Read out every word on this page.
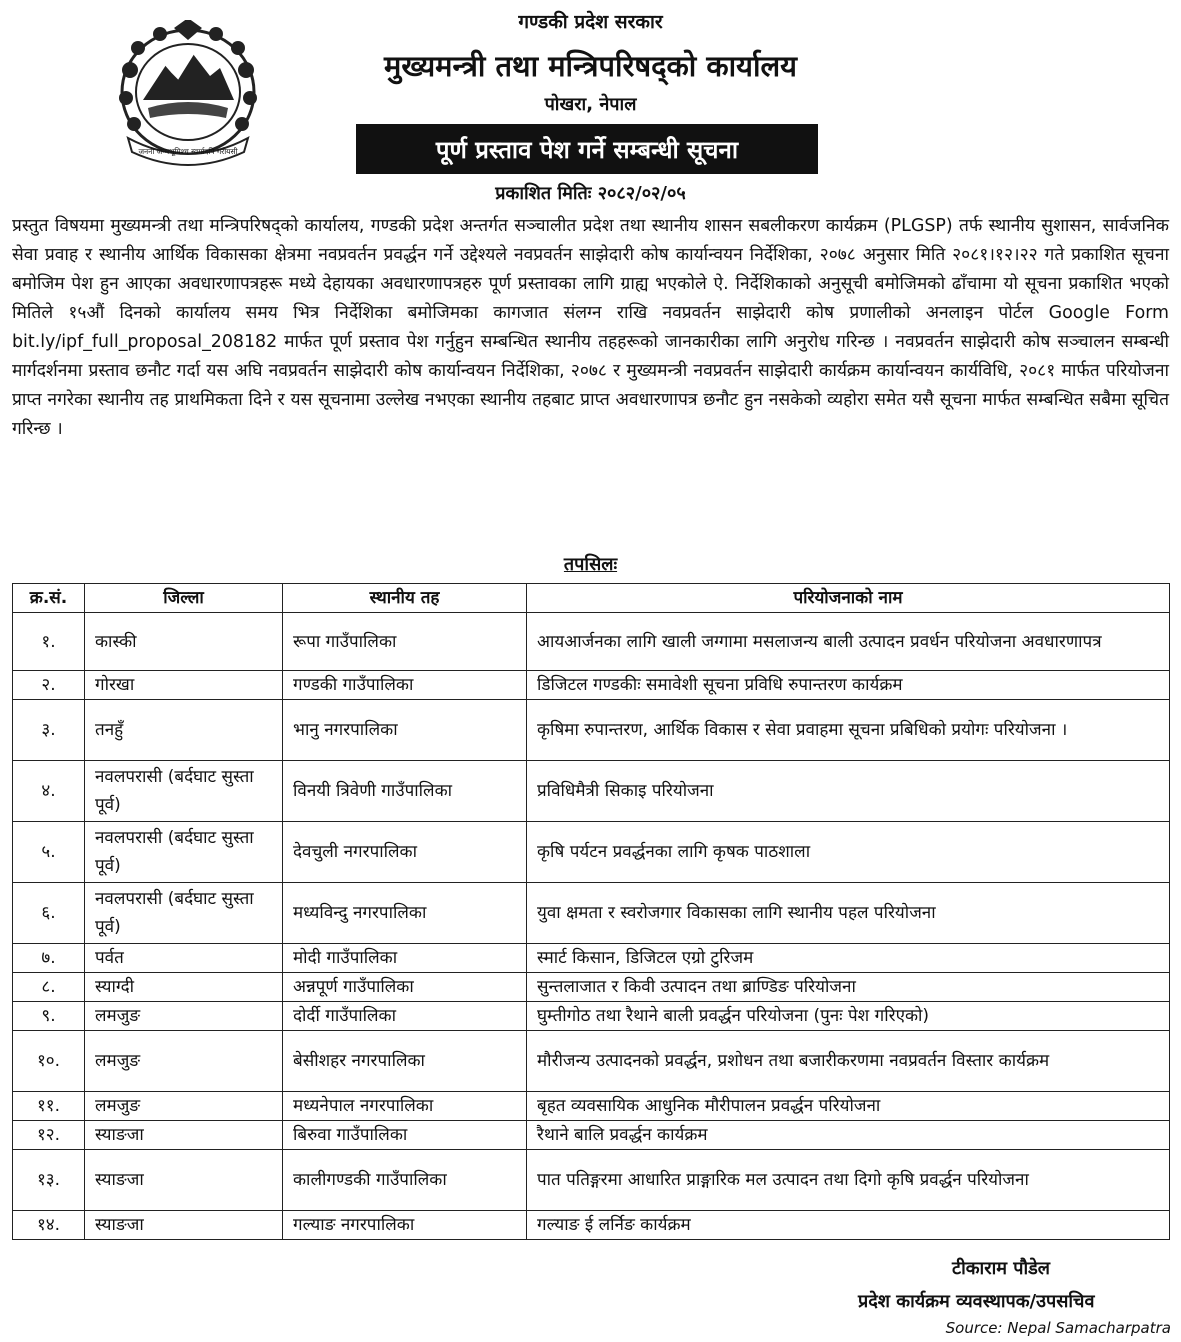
जननी जन्मभूमिश्च स्वर्गादपि गरीयसी
गण्डकी प्रदेश सरकार
मुख्यमन्त्री तथा मन्त्रिपरिषद्‌को कार्यालय
पोखरा, नेपाल
पूर्ण प्रस्ताव पेश गर्ने सम्बन्धी सूचना
प्रकाशित मितिः २०८२/०२/०५

प्रस्तुत विषयमा मुख्यमन्त्री तथा मन्त्रिपरिषद्‌को कार्यालय, गण्डकी प्रदेश अन्तर्गत सञ्चालीत प्रदेश तथा स्थानीय शासन सबलीकरण कार्यक्रम (PLGSP) तर्फ स्थानीय सुशासन, सार्वजनिक सेवा प्रवाह र स्थानीय आर्थिक विकासका क्षेत्रमा नवप्रवर्तन प्रवर्द्धन गर्ने उद्देश्यले नवप्रवर्तन साझेदारी कोष कार्यान्वयन निर्देशिका, २०७८ अनुसार मिति २०८१।१२।२२ गते प्रकाशित सूचना बमोजिम पेश हुन आएका अवधारणापत्रहरू मध्ये देहायका अवधारणापत्रहरु पूर्ण प्रस्तावका लागि ग्राह्य भएकोले ऐ. निर्देशिकाको अनुसूची बमोजिमको ढाँचामा यो सूचना प्रकाशित भएको मितिले १५औं दिनको कार्यालय समय भित्र निर्देशिका बमोजिमका कागजात संलग्न राखि नवप्रवर्तन साझेदारी कोष प्रणालीको अनलाइन पोर्टल Google Form bit.ly/ipf_full_proposal_208182 मार्फत पूर्ण प्रस्ताव पेश गर्नुहुन सम्बन्धित स्थानीय तहहरूको जानकारीका लागि अनुरोध गरिन्छ । नवप्रवर्तन साझेदारी कोष सञ्चालन सम्बन्धी मार्गदर्शनमा प्रस्ताव छनौट गर्दा यस अघि नवप्रवर्तन साझेदारी कोष कार्यान्वयन निर्देशिका, २०७८ र मुख्यमन्त्री नवप्रवर्तन साझेदारी कार्यक्रम कार्यान्वयन कार्यविधि, २०८१ मार्फत परियोजना प्राप्त नगरेका स्थानीय तह प्राथमिकता दिने र यस सूचनामा उल्लेख नभएका स्थानीय तहबाट प्राप्त अवधारणापत्र छनौट हुन नसकेको व्यहोरा समेत यसै सूचना मार्फत सम्बन्धित सबैमा सूचित गरिन्छ ।

तपसिलः
क्र.सं.	जिल्ला	स्थानीय तह	परियोजनाको नाम
१.	कास्की	रूपा गाउँपालिका	आयआर्जनका लागि खाली जग्गामा मसलाजन्य बाली उत्पादन प्रवर्धन परियोजना अवधारणापत्र
२.	गोरखा	गण्डकी गाउँपालिका	डिजिटल गण्डकीः समावेशी सूचना प्रविधि रुपान्तरण कार्यक्रम
३.	तनहुँ	भानु नगरपालिका	कृषिमा रुपान्तरण, आर्थिक विकास र सेवा प्रवाहमा सूचना प्रबिधिको प्रयोगः परियोजना ।
४.	नवलपरासी (बर्दघाट सुस्ता पूर्व)	विनयी त्रिवेणी गाउँपालिका	प्रविधिमैत्री सिकाइ परियोजना
५.	नवलपरासी (बर्दघाट सुस्ता पूर्व)	देवचुली नगरपालिका	कृषि पर्यटन प्रवर्द्धनका लागि कृषक पाठशाला
६.	नवलपरासी (बर्दघाट सुस्ता पूर्व)	मध्यविन्दु नगरपालिका	युवा क्षमता र स्वरोजगार विकासका लागि स्थानीय पहल परियोजना
७.	पर्वत	मोदी गाउँपालिका	स्मार्ट किसान, डिजिटल एग्रो टुरिजम
८.	स्याग्दी	अन्नपूर्ण गाउँपालिका	सुन्तलाजात र किवी उत्पादन तथा ब्राण्डिङ परियोजना
९.	लमजुङ	दोर्दी गाउँपालिका	घुम्तीगोठ तथा रैथाने बाली प्रवर्द्धन परियोजना (पुनः पेश गरिएको)
१०.	लमजुङ	बेसीशहर नगरपालिका	मौरीजन्य उत्पादनको प्रवर्द्धन, प्रशोधन तथा बजारीकरणमा नवप्रवर्तन विस्तार कार्यक्रम
११.	लमजुङ	मध्यनेपाल नगरपालिका	बृहत व्यवसायिक आधुनिक मौरीपालन प्रवर्द्धन परियोजना
१२.	स्याङजा	बिरुवा गाउँपालिका	रैथाने बालि प्रवर्द्धन कार्यक्रम
१३.	स्याङजा	कालीगण्डकी गाउँपालिका	पात पतिङ्गरमा आधारित प्राङ्गारिक मल उत्पादन तथा दिगो कृषि प्रवर्द्धन परियोजना
१४.	स्याङजा	गल्याङ नगरपालिका	गल्याङ ई लर्निङ कार्यक्रम
टीकाराम पौडेल
प्रदेश कार्यक्रम व्यवस्थापक/उपसचिव
Source: Nepal Samacharpatra
